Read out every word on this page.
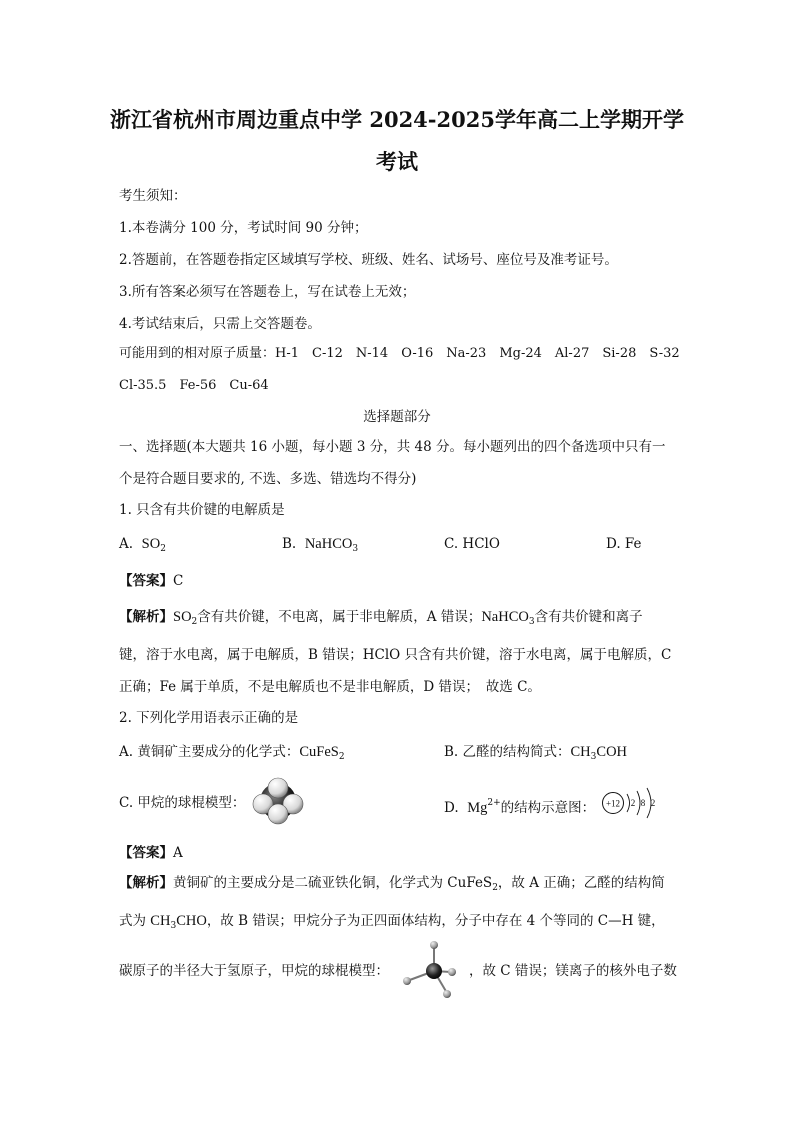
浙江省杭州市周边重点中学 2024-2025学年高二上学期开学
考试
考生须知：
1.本卷满分 100 分，考试时间 90 分钟；
2.答题前，在答题卷指定区域填写学校、班级、姓名、试场号、座位号及准考证号。
3.所有答案必须写在答题卷上，写在试卷上无效；
4.考试结束后，只需上交答题卷。
可能用到的相对原子质量：H-1　C-12　N-14　O-16　Na-23　Mg-24　Al-27　Si-28　S-32
Cl-35.5　Fe-56　Cu-64
选择题部分
一、选择题(本大题共 16 小题，每小题 3 分，共 48 分。每小题列出的四个备选项中只有一
个是符合题目要求的, 不选、多选、错选均不得分)
1. 只含有共价键的电解质是
A. $SO_2$	B. NaHCO$_3$	C. HClO	D. Fe
【答案】C
【解析】$SO_2$含有共价键，不电离，属于非电解质，A 错误；NaHCO$_3$含有共价键和离子
键，溶于水电离，属于电解质，B 错误；HClO 只含有共价键，溶于水电离，属于电解质，C
正确；Fe 属于单质，不是电解质也不是非电解质，D 错误；　故选 C。
2. 下列化学用语表示正确的是
A. 黄铜矿主要成分的化学式：CuFeS$_2$	B. 乙醛的结构简式：$CH_3COH$
C. 甲烷的球棍模型：	D. $Mg^{2+}$的结构示意图： +12 2 8 2
【答案】A
【解析】黄铜矿的主要成分是二硫亚铁化铜，化学式为 CuFeS$_2$，故 A 正确；乙醛的结构简
式为 $CH_3CHO$，故 B 错误；甲烷分子为正四面体结构，分子中存在 4 个等同的 C—H 键，
碳原子的半径大于氢原子，甲烷的球棍模型：	，故 C 错误；镁离子的核外电子数
